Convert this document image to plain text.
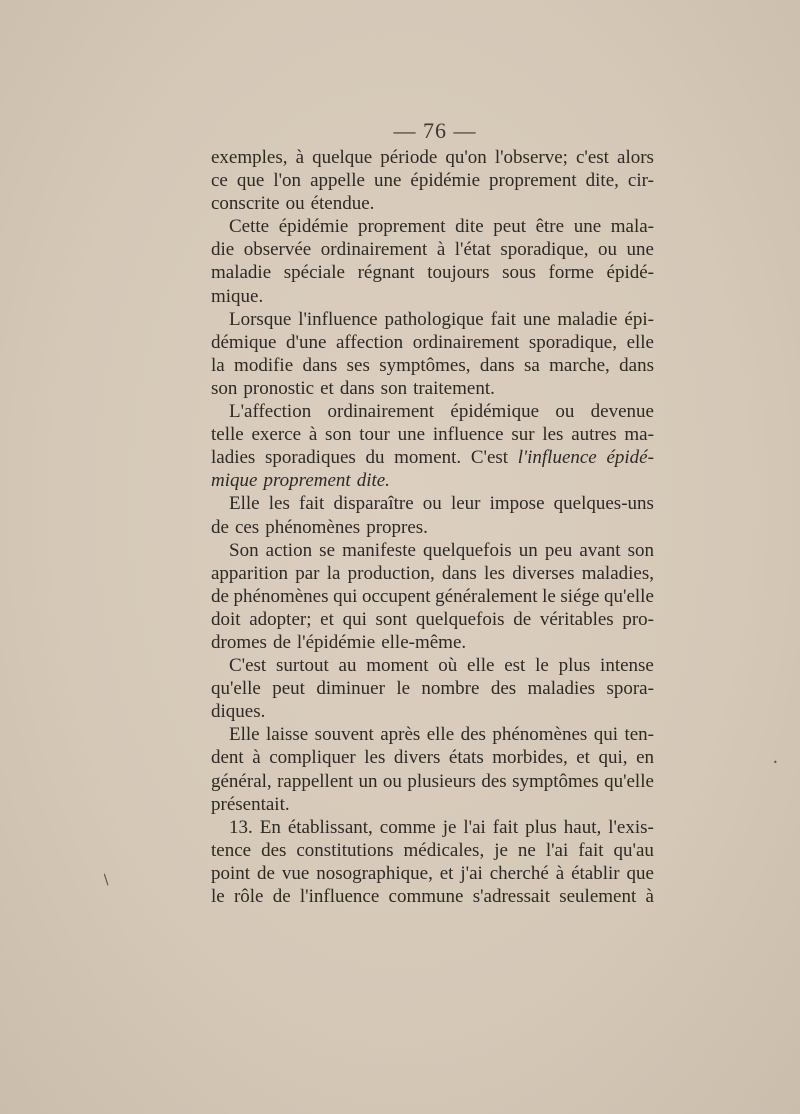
— 76 —
exemples, à quelque période qu'on l'observe; c'est alors
ce que l'on appelle une épidémie proprement dite, cir-
conscrite ou étendue.
Cette épidémie proprement dite peut être une mala-
die observée ordinairement à l'état sporadique, ou une
maladie spéciale régnant toujours sous forme épidé-
mique.
Lorsque l'influence pathologique fait une maladie épi-
démique d'une affection ordinairement sporadique, elle
la modifie dans ses symptômes, dans sa marche, dans
son pronostic et dans son traitement.
L'affection ordinairement épidémique ou devenue
telle exerce à son tour une influence sur les autres ma-
ladies sporadiques du moment. C'est l'influence épidé-
mique proprement dite.
Elle les fait disparaître ou leur impose quelques-uns
de ces phénomènes propres.
Son action se manifeste quelquefois un peu avant son
apparition par la production, dans les diverses maladies,
de phénomènes qui occupent généralement le siége qu'elle
doit adopter; et qui sont quelquefois de véritables pro-
dromes de l'épidémie elle-même.
C'est surtout au moment où elle est le plus intense
qu'elle peut diminuer le nombre des maladies spora-
diques.
Elle laisse souvent après elle des phénomènes qui ten-
dent à compliquer les divers états morbides, et qui, en
général, rappellent un ou plusieurs des symptômes qu'elle
présentait.
13. En établissant, comme je l'ai fait plus haut, l'exis-
tence des constitutions médicales, je ne l'ai fait qu'au
point de vue nosographique, et j'ai cherché à établir que
le rôle de l'influence commune s'adressait seulement à
/
•
